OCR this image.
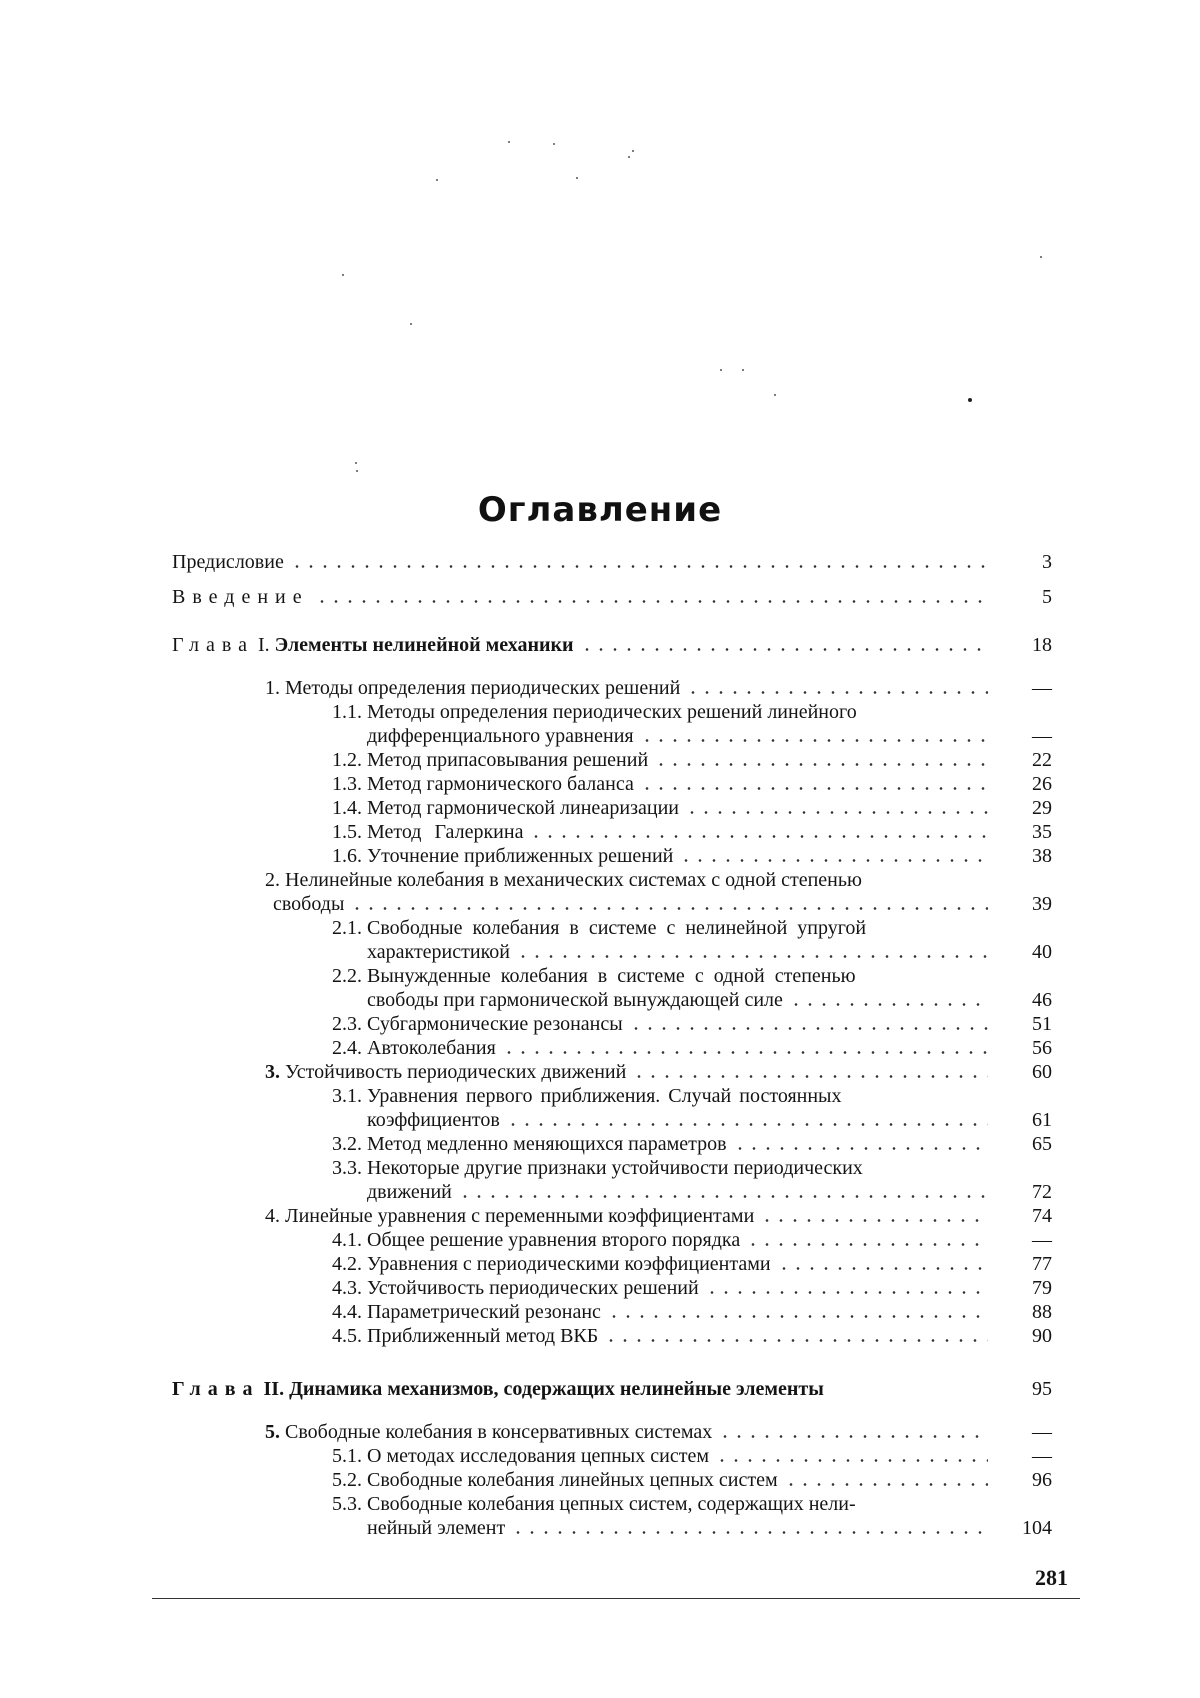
Оглавление
Предисловие	3
Введение	5
Глава I. Элементы нелинейной механики	18
1. Методы определения периодических решений	—
1.1. Методы определения периодических решений линейного
дифференциального уравнения	—
1.2. Метод припасовывания решений	22
1.3. Метод гармонического баланса	26
1.4. Метод гармонической линеаризации	29
1.5. Метод Галеркина	35
1.6. Уточнение приближенных решений	38
2. Нелинейные колебания в механических системах с одной степенью
свободы	39
2.1. Свободные колебания в системе с нелинейной упругой
характеристикой	40
2.2. Вынужденные колебания в системе с одной степенью
свободы при гармонической вынуждающей силе	46
2.3. Субгармонические резонансы	51
2.4. Автоколебания	56
3. Устойчивость периодических движений	60
3.1. Уравнения первого приближения. Случай постоянных
коэффициентов	61
3.2. Метод медленно меняющихся параметров	65
3.3. Некоторые другие признаки устойчивости периодических
движений	72
4. Линейные уравнения с переменными коэффициентами	74
4.1. Общее решение уравнения второго порядка	—
4.2. Уравнения с периодическими коэффициентами	77
4.3. Устойчивость периодических решений	79
4.4. Параметрический резонанс	88
4.5. Приближенный метод ВКБ	90
Глава II. Динамика механизмов, содержащих нелинейные элементы	95
5. Свободные колебания в консервативных системах	—
5.1. О методах исследования цепных систем	—
5.2. Свободные колебания линейных цепных систем	96
5.3. Свободные колебания цепных систем, содержащих нели-
нейный элемент	104
281
